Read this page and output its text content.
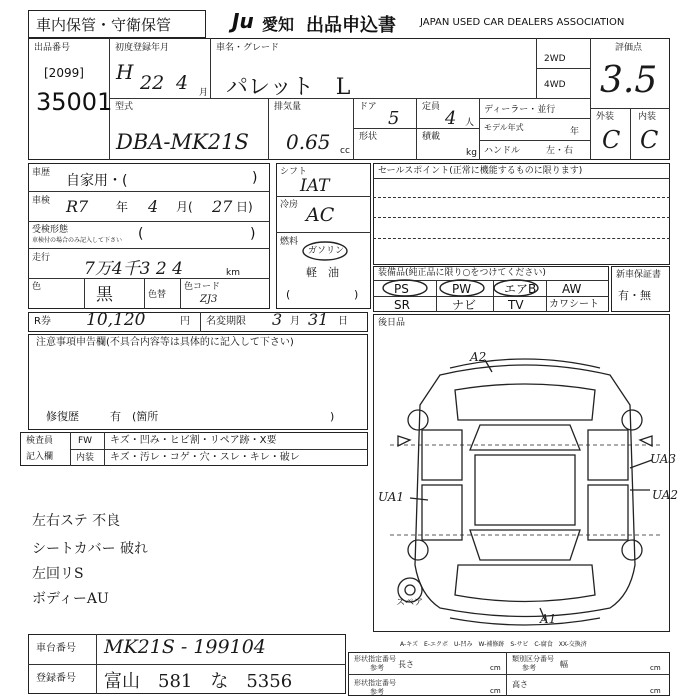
車内保管・守衛保管	Ju 愛知 出品申込書 JAPAN USED CAR DEALERS ASSOCIATION
出品番号
[2099]
35001
初度登録年月
H 22 4 月
車名・グレード
パレット　L
2WD
4WD
評価点
3.5
型式
DBA-MK21S
排気量
0.65 cc
ドア
5
形状
定員
4 人
積載
kg
ディーラー・並行
モデル年式	年
ハンドル	左・右
外装	内装
C C
車歴 自家用・(	)
車検 R7 年 4 月( 27 日)
受検形態
車検付の場合のみ記入して下さい (	)
走行
7万4千3 2 4	km
色	黒	色替
色コード
ZJ3
シフト
IAT
冷房 AC
燃料
ガソリン
軽　油
(	)
セールスポイント(正常に機能するものに限ります)
装備品(純正品に限り○をつけてください)
PS	PW	エアB AW
SR	ナビ	TV	カワシート
新車保証書
有・無
R券 10,120	円 名変期限 3 月 31 日	後日品
注意事項申告欄(不具合内容等は具体的に記入して下さい)
修復歴	有　(箇所	)
検査員
記入欄
FW キズ・凹み・ヒビ割・リペア跡・X要
内装 キズ・汚レ・コゲ・穴・スレ・キレ・破レ
左右ステ 不良
シートカバー 破れ
左回リS
ボディーAU
A2
UA3
UA1	UA2
A1
スペア
A-キズ　E-エクボ　U-凹み　W-補修跡　S-サビ　C-腐食　XX-交換済
車台番号 MK21S - 199104
登録番号 富山　581　な　5356
形状指定番号
参考 長さ	cm
類別区分番号
参考	幅	cm
形状指定番号
参考
高さ
cm
cm
